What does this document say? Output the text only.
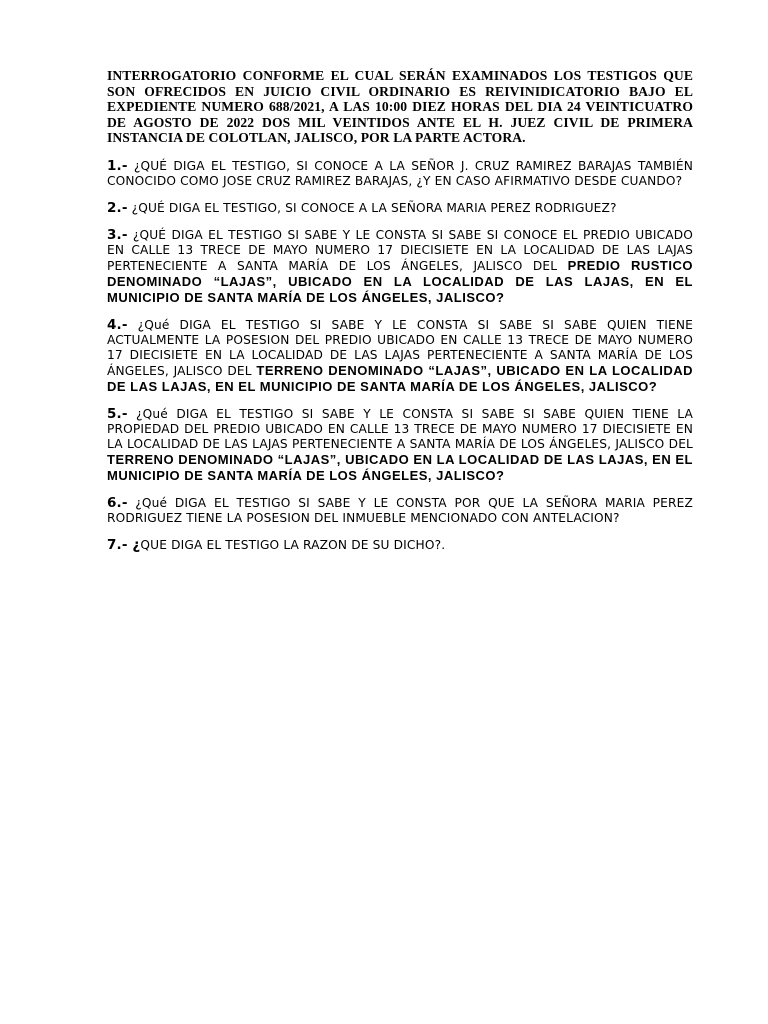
INTERROGATORIO CONFORME EL CUAL SERÁN EXAMINADOS LOS TESTIGOS QUE SON OFRECIDOS EN JUICIO CIVIL ORDINARIO ES REIVINIDICATORIO BAJO EL EXPEDIENTE NUMERO 688/2021, A LAS 10:00 DIEZ HORAS DEL DIA 24 VEINTICUATRO DE AGOSTO DE 2022 DOS MIL VEINTIDOS ANTE EL H. JUEZ CIVIL DE PRIMERA INSTANCIA DE COLOTLAN, JALISCO, POR LA PARTE ACTORA.

1.- ¿QUÉ DIGA EL TESTIGO, SI CONOCE A LA SEÑOR J. CRUZ RAMIREZ BARAJAS TAMBIÉN CONOCIDO COMO JOSE CRUZ RAMIREZ BARAJAS, ¿Y EN CASO AFIRMATIVO DESDE CUANDO?

2.- ¿QUÉ DIGA EL TESTIGO, SI CONOCE A LA SEÑORA MARIA PEREZ RODRIGUEZ?

3.- ¿QUÉ DIGA EL TESTIGO SI SABE Y LE CONSTA SI SABE SI CONOCE EL PREDIO UBICADO EN CALLE 13 TRECE DE MAYO NUMERO 17 DIECISIETE EN LA LOCALIDAD DE LAS LAJAS PERTENECIENTE A SANTA MARÍA DE LOS ÁNGELES, JALISCO DEL PREDIO RUSTICO DENOMINADO “LAJAS”, UBICADO EN LA LOCALIDAD DE LAS LAJAS, EN EL MUNICIPIO DE SANTA MARÍA DE LOS ÁNGELES, JALISCO?

4.- ¿Qué DIGA EL TESTIGO SI SABE Y LE CONSTA SI SABE SI SABE QUIEN TIENE ACTUALMENTE LA POSESION DEL PREDIO UBICADO EN CALLE 13 TRECE DE MAYO NUMERO 17 DIECISIETE EN LA LOCALIDAD DE LAS LAJAS PERTENECIENTE A SANTA MARÍA DE LOS ÁNGELES, JALISCO DEL TERRENO DENOMINADO “LAJAS”, UBICADO EN LA LOCALIDAD DE LAS LAJAS, EN EL MUNICIPIO DE SANTA MARÍA DE LOS ÁNGELES, JALISCO?

5.- ¿Qué DIGA EL TESTIGO SI SABE Y LE CONSTA SI SABE SI SABE QUIEN TIENE LA PROPIEDAD DEL PREDIO UBICADO EN CALLE 13 TRECE DE MAYO NUMERO 17 DIECISIETE EN LA LOCALIDAD DE LAS LAJAS PERTENECIENTE A SANTA MARÍA DE LOS ÁNGELES, JALISCO DEL TERRENO DENOMINADO “LAJAS”, UBICADO EN LA LOCALIDAD DE LAS LAJAS, EN EL MUNICIPIO DE SANTA MARÍA DE LOS ÁNGELES, JALISCO?

6.- ¿Qué DIGA EL TESTIGO SI SABE Y LE CONSTA POR QUE LA SEÑORA MARIA PEREZ RODRIGUEZ TIENE LA POSESION DEL INMUEBLE MENCIONADO CON ANTELACION?

7.- ¿QUE DIGA EL TESTIGO LA RAZON DE SU DICHO?.
